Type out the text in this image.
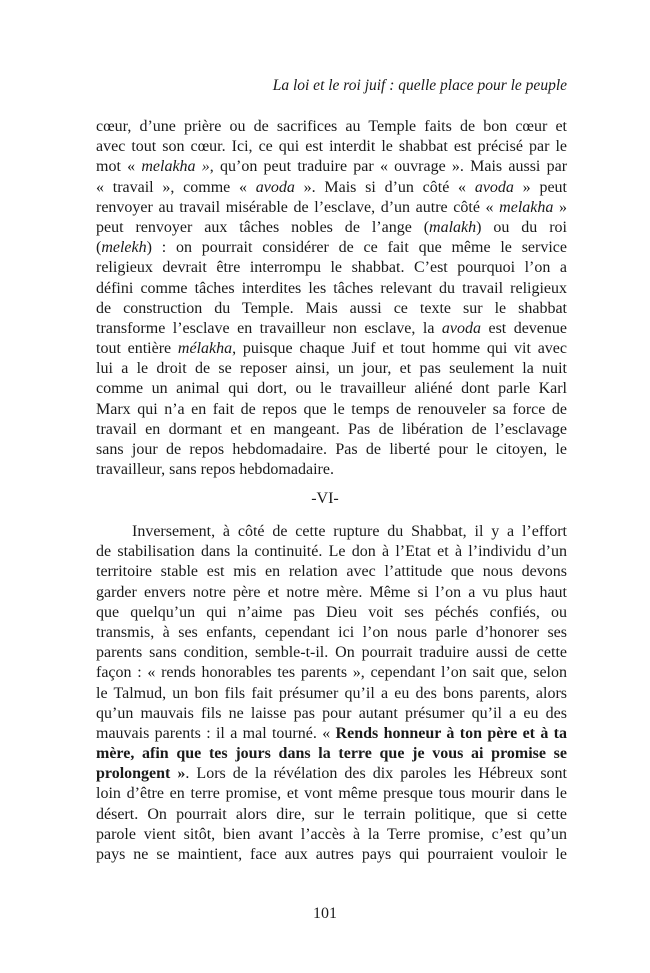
La loi et le roi juif : quelle place pour le peuple
cœur, d’une prière ou de sacrifices au Temple faits de bon cœur et
avec tout son cœur. Ici, ce qui est interdit le shabbat est précisé par le
mot « melakha », qu’on peut traduire par « ouvrage ». Mais aussi par
« travail », comme « avoda ». Mais si d’un côté « avoda » peut
renvoyer au travail misérable de l’esclave, d’un autre côté « melakha »
peut renvoyer aux tâches nobles de l’ange (malakh) ou du roi
(melekh) : on pourrait considérer de ce fait que même le service
religieux devrait être interrompu le shabbat. C’est pourquoi l’on a
défini comme tâches interdites les tâches relevant du travail religieux
de construction du Temple. Mais aussi ce texte sur le shabbat
transforme l’esclave en travailleur non esclave, la avoda est devenue
tout entière mélakha, puisque chaque Juif et tout homme qui vit avec
lui a le droit de se reposer ainsi, un jour, et pas seulement la nuit
comme un animal qui dort, ou le travailleur aliéné dont parle Karl
Marx qui n’a en fait de repos que le temps de renouveler sa force de
travail en dormant et en mangeant. Pas de libération de l’esclavage
sans jour de repos hebdomadaire. Pas de liberté pour le citoyen, le
travailleur, sans repos hebdomadaire.
-VI-
Inversement, à côté de cette rupture du Shabbat, il y a l’effort
de stabilisation dans la continuité. Le don à l’Etat et à l’individu d’un
territoire stable est mis en relation avec l’attitude que nous devons
garder envers notre père et notre mère. Même si l’on a vu plus haut
que quelqu’un qui n’aime pas Dieu voit ses péchés confiés, ou
transmis, à ses enfants, cependant ici l’on nous parle d’honorer ses
parents sans condition, semble-t-il. On pourrait traduire aussi de cette
façon : « rends honorables tes parents », cependant l’on sait que, selon
le Talmud, un bon fils fait présumer qu’il a eu des bons parents, alors
qu’un mauvais fils ne laisse pas pour autant présumer qu’il a eu des
mauvais parents : il a mal tourné. « Rends honneur à ton père et à ta
mère, afin que tes jours dans la terre que je vous ai promise se
prolongent ». Lors de la révélation des dix paroles les Hébreux sont
loin d’être en terre promise, et vont même presque tous mourir dans le
désert. On pourrait alors dire, sur le terrain politique, que si cette
parole vient sitôt, bien avant l’accès à la Terre promise, c’est qu’un
pays ne se maintient, face aux autres pays qui pourraient vouloir le
101
